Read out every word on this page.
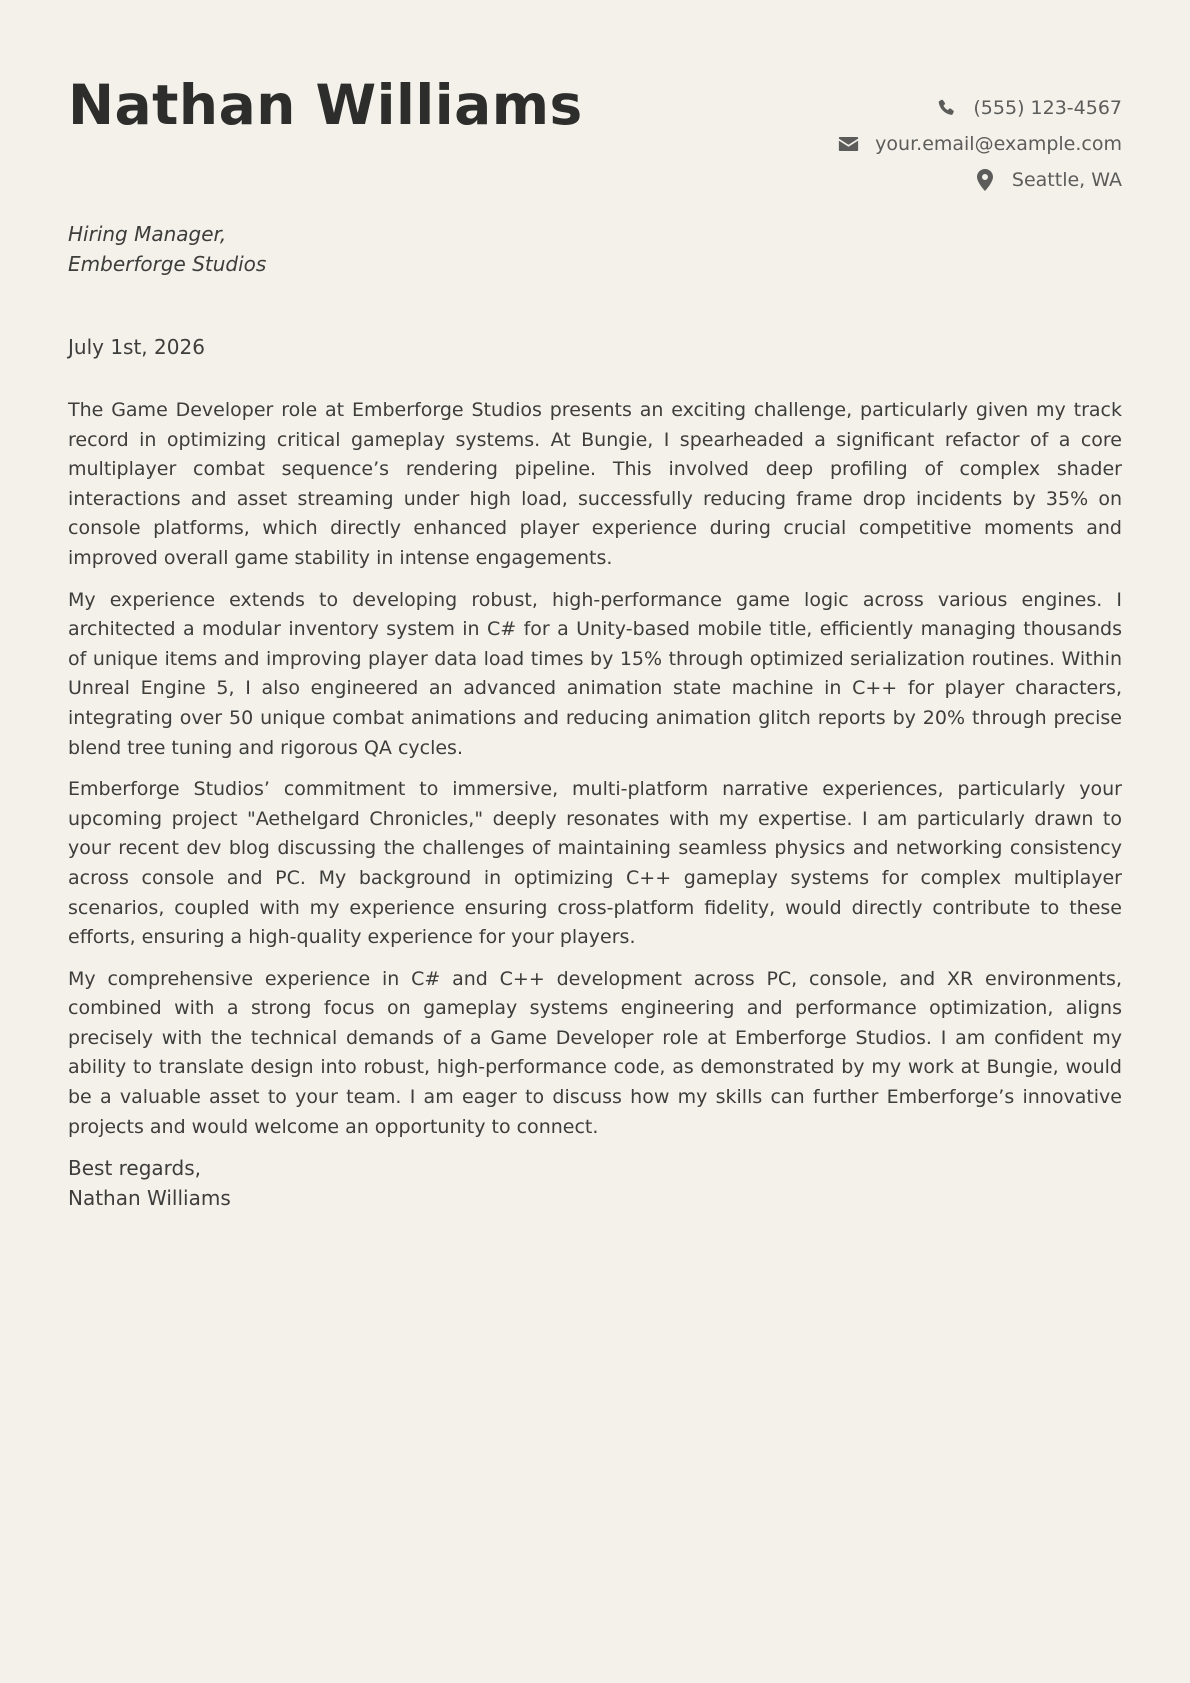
Nathan Williams	(555) 123-4567
your.email@example.com
Seattle, WA
Hiring Manager,
Emberforge Studios
July 1st, 2026

The Game Developer role at Emberforge Studios presents an exciting challenge, particularly given my track record in optimizing critical gameplay systems. At Bungie, I spearheaded a significant refactor of a core multiplayer combat sequence’s rendering pipeline. This involved deep profiling of complex shader interactions and asset streaming under high load, successfully reducing frame drop incidents by 35% on console platforms, which directly enhanced player experience during crucial competitive moments and improved overall game stability in intense engagements.

My experience extends to developing robust, high-performance game logic across various engines. I architected a modular inventory system in C# for a Unity-based mobile title, efficiently managing thousands of unique items and improving player data load times by 15% through optimized serialization routines. Within Unreal Engine 5, I also engineered an advanced animation state machine in C++ for player characters, integrating over 50 unique combat animations and reducing animation glitch reports by 20% through precise blend tree tuning and rigorous QA cycles.

Emberforge Studios’ commitment to immersive, multi-platform narrative experiences, particularly your upcoming project "Aethelgard Chronicles," deeply resonates with my expertise. I am particularly drawn to your recent dev blog discussing the challenges of maintaining seamless physics and networking consistency across console and PC. My background in optimizing C++ gameplay systems for complex multiplayer scenarios, coupled with my experience ensuring cross-platform fidelity, would directly contribute to these efforts, ensuring a high-quality experience for your players.

My comprehensive experience in C# and C++ development across PC, console, and XR environments, combined with a strong focus on gameplay systems engineering and performance optimization, aligns precisely with the technical demands of a Game Developer role at Emberforge Studios. I am confident my ability to translate design into robust, high-performance code, as demonstrated by my work at Bungie, would be a valuable asset to your team. I am eager to discuss how my skills can further Emberforge’s innovative projects and would welcome an opportunity to connect.

Best regards,
Nathan Williams
